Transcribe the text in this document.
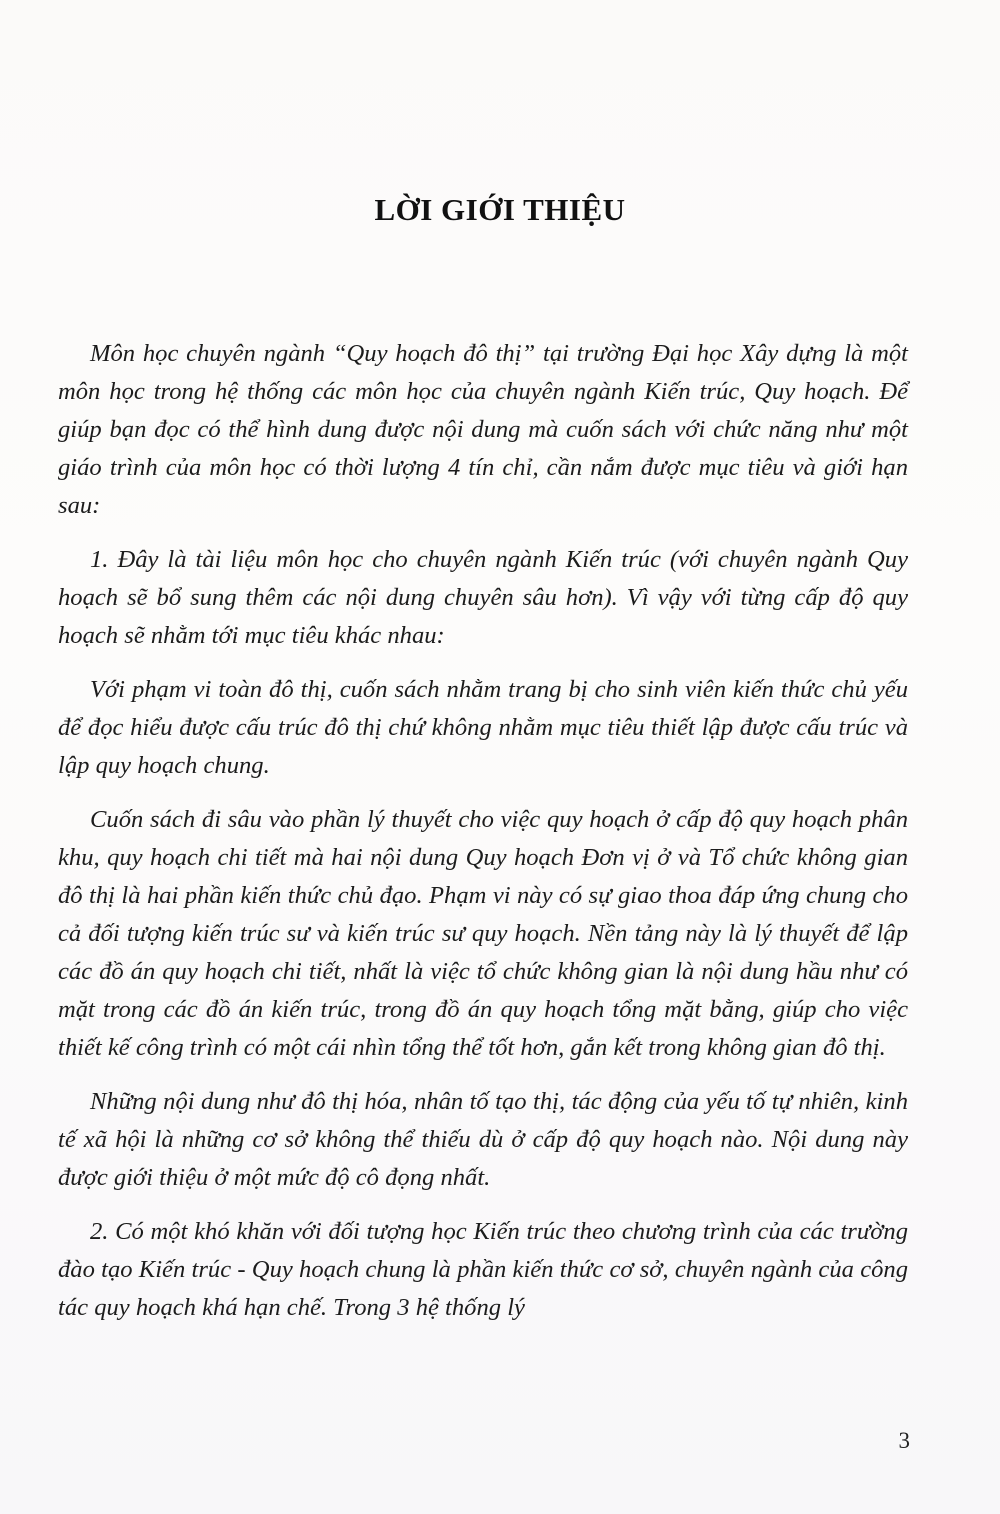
LỜI GIỚI THIỆU

Môn học chuyên ngành “Quy hoạch đô thị” tại trường Đại học Xây dựng là một môn học trong hệ thống các môn học của chuyên ngành Kiến trúc, Quy hoạch. Để giúp bạn đọc có thể hình dung được nội dung mà cuốn sách với chức năng như một giáo trình của môn học có thời lượng 4 tín chỉ, cần nắm được mục tiêu và giới hạn sau:

1. Đây là tài liệu môn học cho chuyên ngành Kiến trúc (với chuyên ngành Quy hoạch sẽ bổ sung thêm các nội dung chuyên sâu hơn). Vì vậy với từng cấp độ quy hoạch sẽ nhằm tới mục tiêu khác nhau:

Với phạm vi toàn đô thị, cuốn sách nhằm trang bị cho sinh viên kiến thức chủ yếu để đọc hiểu được cấu trúc đô thị chứ không nhằm mục tiêu thiết lập được cấu trúc và lập quy hoạch chung.

Cuốn sách đi sâu vào phần lý thuyết cho việc quy hoạch ở cấp độ quy hoạch phân khu, quy hoạch chi tiết mà hai nội dung Quy hoạch Đơn vị ở và Tổ chức không gian đô thị là hai phần kiến thức chủ đạo. Phạm vi này có sự giao thoa đáp ứng chung cho cả đối tượng kiến trúc sư và kiến trúc sư quy hoạch. Nền tảng này là lý thuyết để lập các đồ án quy hoạch chi tiết, nhất là việc tổ chức không gian là nội dung hầu như có mặt trong các đồ án kiến trúc, trong đồ án quy hoạch tổng mặt bằng, giúp cho việc thiết kế công trình có một cái nhìn tổng thể tốt hơn, gắn kết trong không gian đô thị.

Những nội dung như đô thị hóa, nhân tố tạo thị, tác động của yếu tố tự nhiên, kinh tế xã hội là những cơ sở không thể thiếu dù ở cấp độ quy hoạch nào. Nội dung này được giới thiệu ở một mức độ cô đọng nhất.

2. Có một khó khăn với đối tượng học Kiến trúc theo chương trình của các trường đào tạo Kiến trúc - Quy hoạch chung là phần kiến thức cơ sở, chuyên ngành của công tác quy hoạch khá hạn chế. Trong 3 hệ thống lý

3
